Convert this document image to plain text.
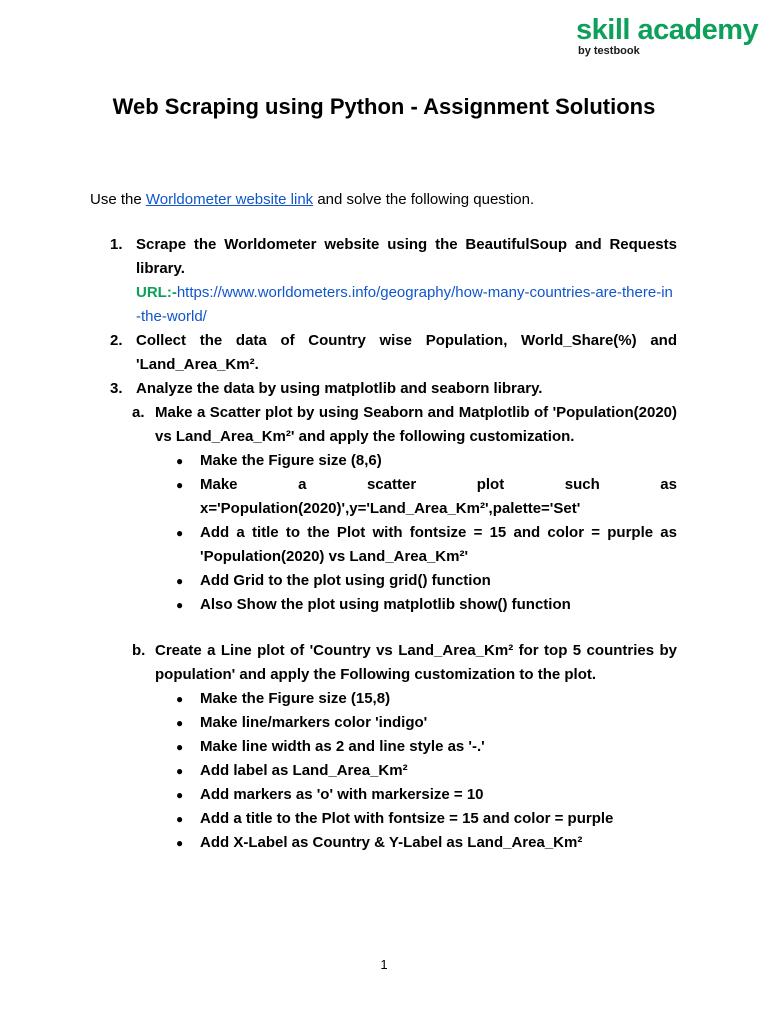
skill academy
by testbook
Web Scraping using Python - Assignment Solutions
Use the Worldometer website link and solve the following question.
1. Scrape the Worldometer website using the BeautifulSoup and Requests library.
URL:-https://www.worldometers.info/geography/how-many-countries-are-there-in-the-world/
2. Collect the data of Country wise Population, World_Share(%) and 'Land_Area_Km².
3. Analyze the data by using matplotlib and seaborn library.
a. Make a Scatter plot by using Seaborn and Matplotlib of 'Population(2020) vs Land_Area_Km²' and apply the following customization.
● Make the Figure size (8,6)
● Make a scatter plot such as x='Population(2020)',y='Land_Area_Km²',palette='Set'
● Add a title to the Plot with fontsize = 15 and color = purple as 'Population(2020) vs Land_Area_Km²'
● Add Grid to the plot using grid() function
● Also Show the plot using matplotlib show() function
b. Create a Line plot of 'Country vs Land_Area_Km² for top 5 countries by population' and apply the Following customization to the plot.
● Make the Figure size (15,8)
● Make line/markers color 'indigo'
● Make line width as 2 and line style as '-.'
● Add label as Land_Area_Km²
● Add markers as 'o' with markersize = 10
● Add a title to the Plot with fontsize = 15 and color = purple
● Add X-Label as Country & Y-Label as Land_Area_Km²
1
